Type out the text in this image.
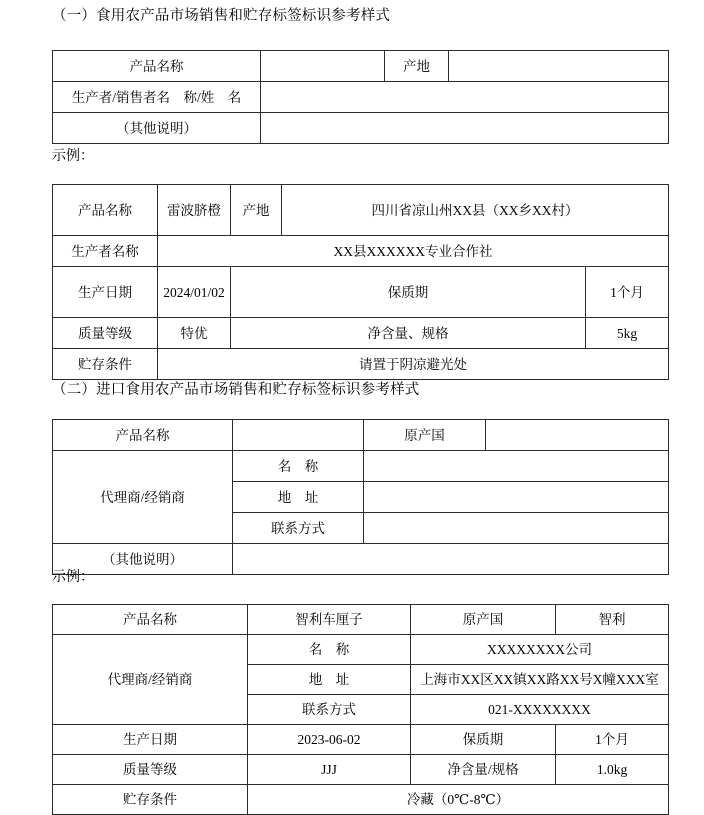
（一）食用农产品市场销售和贮存标签标识参考样式
产品名称		产地	
生产者/销售者名　称/姓　名			
（其他说明）			
示例：
产品名称	雷波脐橙	产地	四川省凉山州XX县（XX乡XX村）	
生产者名称	XX县XXXXXX专业合作社			
生产日期	2024/01/02	保质期		1个月
质量等级	特优	净含量、规格		5kg
贮存条件	请置于阴凉避光处			
（二）进口食用农产品市场销售和贮存标签标识参考样式
产品名称		原产国	
代理商/经销商	名　称		
	地　址		
	联系方式		
（其他说明）			
示例：
产品名称	智利车厘子	原产国	智利
代理商/经销商	名　称	XXXXXXXX公司	
	地　址	上海市XX区XX镇XX路XX号X幢XXX室	
	联系方式	021-XXXXXXXX	
生产日期	2023-06-02	保质期	1个月
质量等级	JJJ	净含量/规格	1.0kg
贮存条件	冷藏（0℃-8℃）		
